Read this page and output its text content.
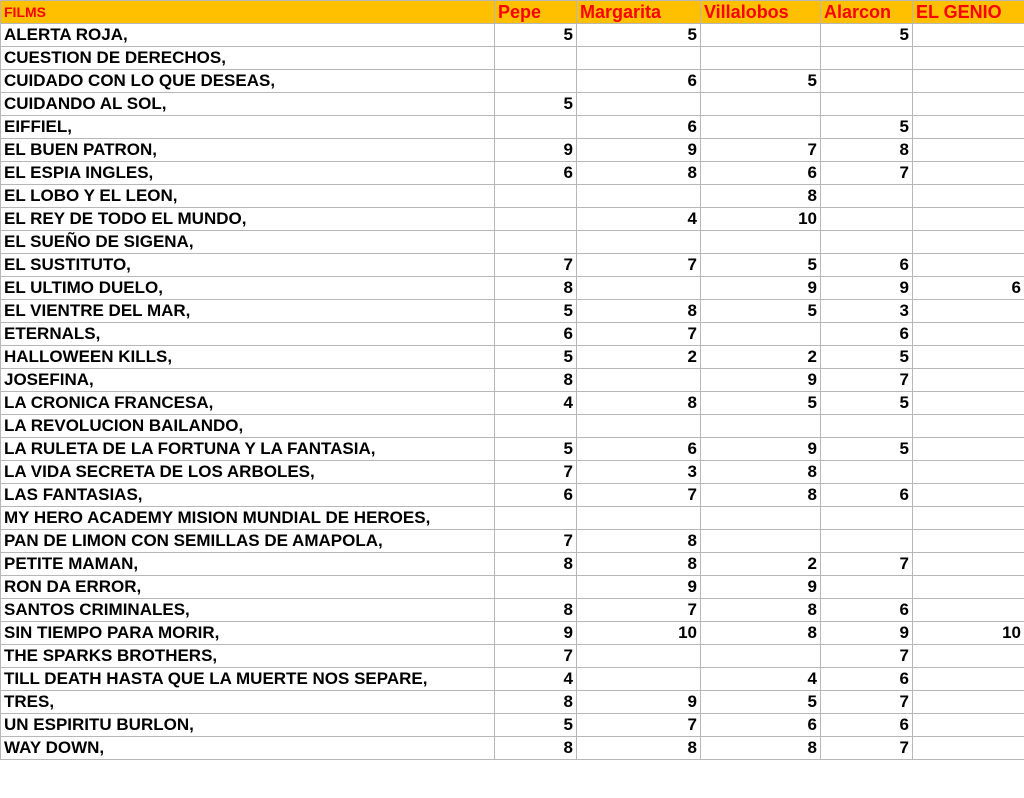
FILMS	Pepe	Margarita	Villalobos	Alarcon	EL GENIO
ALERTA ROJA,	5	5		5	
CUESTION DE DERECHOS,					
CUIDADO CON LO QUE DESEAS,		6	5		
CUIDANDO AL SOL,	5				
EIFFIEL,		6		5	
EL BUEN PATRON,	9	9	7	8	
EL ESPIA INGLES,	6	8	6	7	
EL LOBO Y EL LEON,			8		
EL REY DE TODO EL MUNDO,		4	10		
EL SUEÑO DE SIGENA,					
EL SUSTITUTO,	7	7	5	6	
EL ULTIMO DUELO,	8		9	9	6
EL VIENTRE DEL MAR,	5	8	5	3	
ETERNALS,	6	7		6	
HALLOWEEN KILLS,	5	2	2	5	
JOSEFINA,	8		9	7	
LA CRONICA FRANCESA,	4	8	5	5	
LA REVOLUCION BAILANDO,					
LA RULETA DE LA FORTUNA Y LA FANTASIA,	5	6	9	5	
LA VIDA SECRETA DE LOS ARBOLES,	7	3	8		
LAS FANTASIAS,	6	7	8	6	
MY HERO ACADEMY MISION MUNDIAL DE HEROES,					
PAN DE LIMON CON SEMILLAS DE AMAPOLA,	7	8			
PETITE MAMAN,	8	8	2	7	
RON DA ERROR,		9	9		
SANTOS CRIMINALES,	8	7	8	6	
SIN TIEMPO PARA MORIR,	9	10	8	9	10
THE SPARKS BROTHERS,	7			7	
TILL DEATH HASTA QUE LA MUERTE NOS SEPARE,	4		4	6	
TRES,	8	9	5	7	
UN ESPIRITU BURLON,	5	7	6	6	
WAY DOWN,	8	8	8	7	
